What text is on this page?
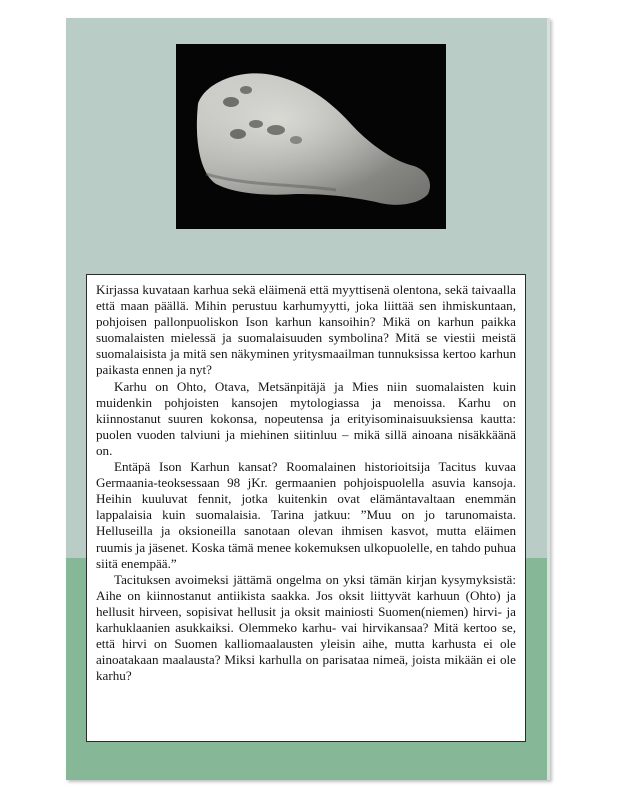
Kirjassa kuvataan karhua sekä eläimenä että myyttisenä olentona, sekä taivaalla että maan päällä. Mihin perustuu karhumyytti, joka liittää sen ihmiskuntaan, pohjoisen pallonpuoliskon Ison karhun kansoihin? Mikä on karhun paikka suomalaisten mielessä ja suomalaisuuden symbolina? Mitä se viestii meistä suomalaisista ja mitä sen näkyminen yritysmaailman tunnuksissa kertoo karhun paikasta ennen ja nyt?

Karhu on Ohto, Otava, Metsänpitäjä ja Mies niin suomalaisten kuin muidenkin pohjoisten kansojen mytologiassa ja menoissa. Karhu on kiinnostanut suuren kokonsa, nopeutensa ja erityisominaisuuksiensa kautta: puolen vuoden talviuni ja miehinen siitinluu – mikä sillä ainoana nisäkkäänä on.

Entäpä Ison Karhun kansat? Roomalainen historioitsija Tacitus kuvaa Germaania-teoksessaan 98 jKr. germaanien pohjoispuolella asuvia kansoja. Heihin kuuluvat fennit, jotka kuitenkin ovat elämäntavaltaan enemmän lappalaisia kuin suomalaisia. Tarina jatkuu: ”Muu on jo tarunomaista. Helluseilla ja oksioneilla sanotaan olevan ihmisen kasvot, mutta eläimen ruumis ja jäsenet. Koska tämä menee kokemuksen ulkopuolelle, en tahdo puhua siitä enempää.”

Tacituksen avoimeksi jättämä ongelma on yksi tämän kirjan kysymyksistä: Aihe on kiinnostanut antiikista saakka. Jos oksit liittyvät karhuun (Ohto) ja hellusit hirveen, sopisivat hellusit ja oksit mainiosti Suomen(niemen) hirvi- ja karhuklaanien asukkaiksi. Olemmeko karhu- vai hirvikansaa? Mitä kertoo se, että hirvi on Suomen kalliomaalausten yleisin aihe, mutta karhusta ei ole ainoatakaan maalausta? Miksi karhulla on parisataa nimeä, joista mikään ei ole karhu?
